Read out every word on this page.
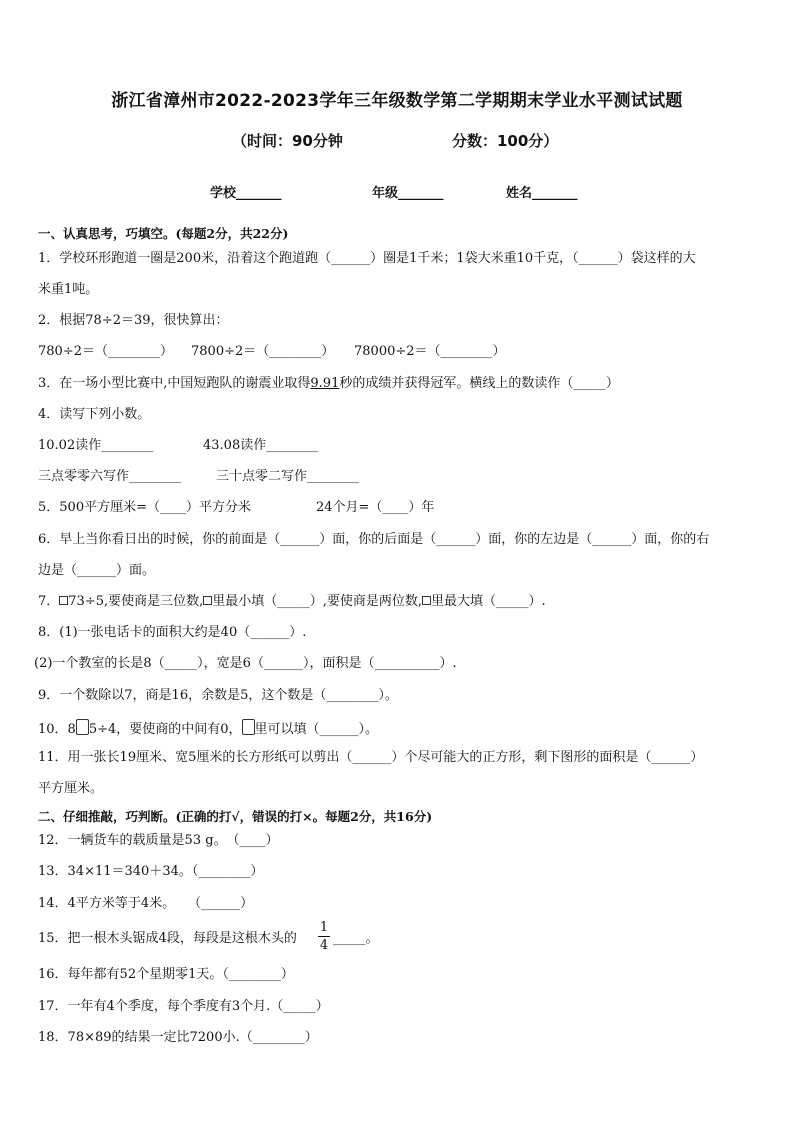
浙江省漳州市2022-2023学年三年级数学第二学期期末学业水平测试试题
（时间：90分钟	分数：100分）
学校_______	年级_______	姓名_______
一、认真思考，巧填空。(每题2分，共22分)
1．学校环形跑道一圈是200米，沿着这个跑道跑（______）圈是1千米；1袋大米重10千克，（______）袋这样的大
米重1吨。
2．根据78÷2＝39，很快算出：
780÷2＝（________） 7800÷2＝（________） 78000÷2＝（________）
3．在一场小型比赛中,中国短跑队的谢震业取得9.91秒的成绩并获得冠军。横线上的数读作（_____）
4．读写下列小数。
10.02读作________	43.08读作________
三点零零六写作________	三十点零二写作________
5．500平方厘米=（____）平方分米	24个月=（____）年
6．早上当你看日出的时候，你的前面是（______）面，你的后面是（______）面，你的左边是（______）面，你的右
边是（______）面。
7． 73÷5,要使商是三位数, 里最小填（_____）,要使商是两位数, 里最大填（_____）.
8．(1)一张电话卡的面积大约是40（______）.
(2)一个教室的长是8（_____），宽是6（______），面积是（__________）.
9．一个数除以7，商是16，余数是5，这个数是（________）。
10．8 5÷4，要使商的中间有0， 里可以填（______）。
11．用一张长19厘米、宽5厘米的长方形纸可以剪出（______）个尽可能大的正方形，剩下图形的面积是（______）
平方厘米。
二、仔细推敲，巧判断。(正确的打√，错误的打×。每题2分，共16分)
12．一辆货车的载质量是53 g。　（____）
13．34×11＝340＋34。（________）
14．4平方米等于4米。　　（______）
15．把一根木头锯成4段，每段是这根木头的
1
4 _____。
16．每年都有52个星期零1天。（________）
17．一年有4个季度，每个季度有3个月.（_____）
18．78×89的结果一定比7200小.（________）
